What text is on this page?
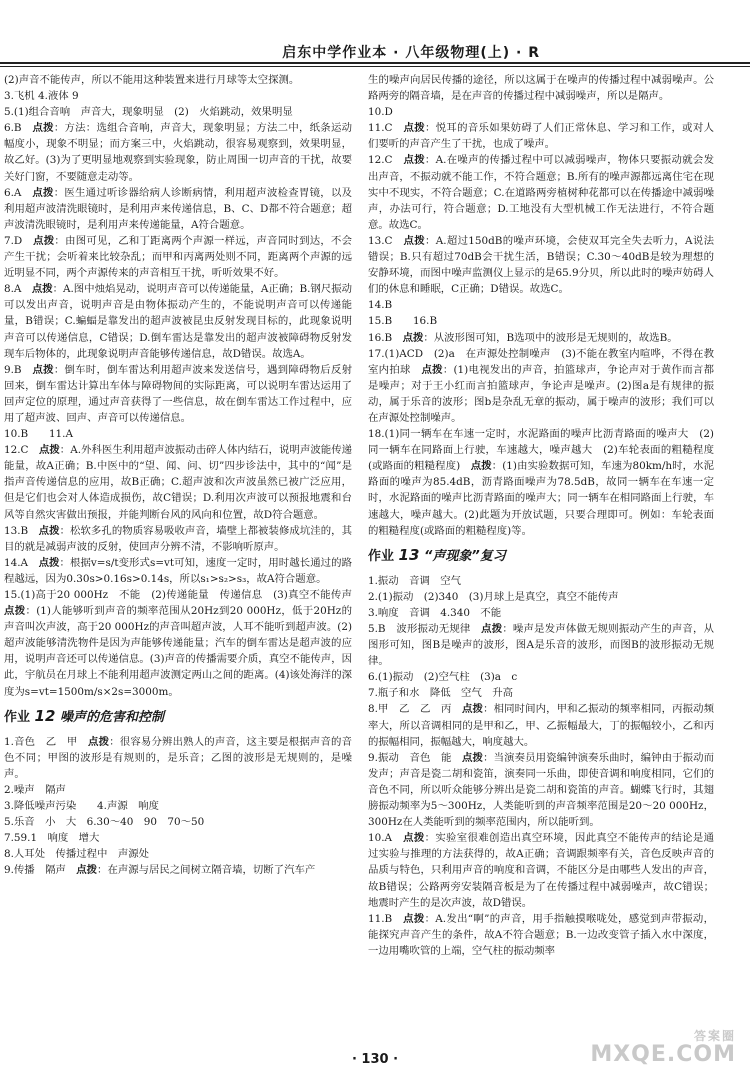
启东中学作业本 · 八年级物理(上) · R

(2)声音不能传声，所以不能用这种装置来进行月球等太空探测。

3.飞机 4.液体 9

5.(1)组合音响　声音大，现象明显　(2)　火焰跳动，效果明显

6.B　点拨：方法：选组合音响，声音大，现象明显；方法二中，纸条运动幅度小，现象不明显；而方案三中，火焰跳动，很容易观察到，效果明显，故乙好。(3)为了更明显地观察到实验现象，防止周围一切声音的干扰，故要关好门窗，不要随意走动等。

6.A　点拨：医生通过听诊器给病人诊断病情，利用超声波检查胃镜，以及利用超声波清洗眼镜时，是利用声来传递信息，B、C、D都不符合题意；超声波清洗眼镜时，是利用声来传递能量，A符合题意。

7.D　点拨：由图可见，乙和丁距离两个声源一样远，声音同时到达，不会产生干扰；会听着来比较杂乱；而甲和丙离两处则不同，距离两个声源的远近明显不同，两个声源传来的声音相互干扰，听听效果不好。

8.A　点拨：A.图中烛焰晃动，说明声音可以传递能量，A正确；B.钢尺振动可以发出声音，说明声音是由物体振动产生的，不能说明声音可以传递能量，B错误；C.蝙蝠是靠发出的超声波被昆虫反射发现目标的，此现象说明声音可以传递信息，C错误；D.倒车雷达是靠发出的超声波被障碍物反射发现车后物体的，此现象说明声音能够传递信息，故D错误。故选A。

9.B　点拨：倒车时，倒车雷达利用超声波来发送信号，遇到障碍物后反射回来，倒车雷达计算出车体与障碍物间的实际距离，可以说明车雷达运用了回声定位的原理，通过声音获得了一些信息，故在倒车雷达工作过程中，应用了超声波、回声、声音可以传递信息。

10.B　　11.A

12.C　点拨：A.外科医生利用超声波振动击碎人体内结石，说明声波能传递能量，故A正确；B.中医中的“望、闻、问、切”四步诊法中，其中的“闻”是指声音传递信息的应用，故B正确；C.超声波和次声波虽然已被广泛应用，但是它们也会对人体造成损伤，故C错误；D.利用次声波可以预报地震和台风等自然灾害做出预报，并能判断台风的风向和位置，故D符合题意。

13.B　点拨：松软多孔的物质容易吸收声音，墙壁上都被装修成坑洼的，其目的就是减弱声波的反射，使回声分辨不清，不影响听原声。

14.A　点拨：根据v=s/t变形式s=vt可知，速度一定时，用时越长通过的路程越远，因为0.30s>0.16s>0.14s，所以s₁>s₂>s₃，故A符合题意。

15.(1)高于20 000Hz　不能　(2)传递能量　传递信息　(3)真空不能传声　点拨：(1)人能够听到声音的频率范围从20Hz到20 000Hz，低于20Hz的声音叫次声波，高于20 000Hz的声音叫超声波，人耳不能听到超声波。(2)超声波能够清洗物件是因为声能够传递能量；汽车的倒车雷达是超声波的应用，说明声音还可以传递信息。(3)声音的传播需要介质，真空不能传声，因此，宇航员在月球上不能利用超声波测定两山之间的距离。(4)该处海洋的深度为s=vt=1500m/s×2s=3000m。

作业 12 噪声的危害和控制

1.音色　乙　甲　点拨：很容易分辨出熟人的声音，这主要是根据声音的音色不同；甲图的波形是有规则的，是乐音；乙图的波形是无规则的，是噪声。

2.噪声　隔声

3.降低噪声污染　　4.声源　响度

5.乐音　小　大　6.30～40　90　70～50

7.59.1　响度　增大

8.人耳处　传播过程中　声源处

9.传播　隔声　点拨：在声源与居民之间树立隔音墙，切断了汽车产

生的噪声向居民传播的途径，所以这属于在噪声的传播过程中减弱噪声。公路两旁的隔音墙，是在声音的传播过程中减弱噪声，所以是隔声。

10.D

11.C　点拨：悦耳的音乐如果妨碍了人们正常休息、学习和工作，或对人们要听的声音产生了干扰，也成了噪声。

12.C　点拨：A.在噪声的传播过程中可以减弱噪声，物体只要振动就会发出声音，不振动就不能工作，不符合题意；B.所有的噪声源都远离住宅在现实中不现实，不符合题意；C.在道路两旁植树种花都可以在传播途中减弱噪声，办法可行，符合题意；D.工地没有大型机械工作无法进行，不符合题意。故选C。

13.C　点拨：A.超过150dB的噪声环境，会使双耳完全失去听力，A说法错误；B.只有超过70dB会干扰生活，B错误；C.30～40dB是较为理想的安静环境，而图中噪声监测仪上显示的是65.9分贝，所以此时的噪声妨碍人们的休息和睡眠，C正确；D错误。故选C。

14.B

15.B　　16.B

16.B　点拨：从波形图可知，B选项中的波形是无规则的，故选B。

17.(1)ACD　(2)a　在声源处控制噪声　(3)不能在教室内喧哗，不得在教室内拍球　点拨：(1)电视发出的声音，拍篮球声，争论声对于黄作而言都是噪声；对于王小红而言拍篮球声，争论声是噪声。(2)图a是有规律的振动，属于乐音的波形；图b是杂乱无章的振动，属于噪声的波形；我们可以在声源处控制噪声。

18.(1)同一辆车在车速一定时，水泥路面的噪声比沥青路面的噪声大　(2)同一辆车在同路面上行驶，车速越大，噪声越大　(2)车轮表面的粗糙程度(或路面的粗糙程度)　点拨：(1)由实验数据可知，车速为80km/h时，水泥路面的噪声为85.4dB，沥青路面噪声为78.5dB，故同一辆车在车速一定时，水泥路面的噪声比沥青路面的噪声大；同一辆车在相同路面上行驶，车速越大，噪声越大。(2)此题为开放试题，只要合理即可。例如：车轮表面的粗糙程度(或路面的粗糙程度)等。

作业 13 “声现象”复习

1.振动　音调　空气

2.(1)振动　(2)340　(3)月球上是真空，真空不能传声

3.响度　音调　4.340　不能

5.B　波形振动无规律　点拨：噪声是发声体做无规则振动产生的声音，从图形可知，图B是噪声的波形，图A是乐音的波形，而图B的波形振动无规律。

6.(1)振动　(2)空气柱　(3)a　c

7.瓶子和水　降低　空气　升高

8.甲　乙　乙　丙　点拨：相同时间内，甲和乙振动的频率相同，丙振动频率大，所以音调相同的是甲和乙，甲、乙振幅最大，丁的振幅较小，乙和丙的振幅相同，振幅越大，响度越大。

9.振动　音色　能　点拨：当演奏员用瓷编钟演奏乐曲时，编钟由于振动而发声；声音是瓷二胡和瓷笛，演奏同一乐曲，即使音调和响度相同，它们的音色不同，所以听众能够分辨出是瓷二胡和瓷笛的声音。蝴蝶飞行时，其翅膀振动频率为5～300Hz，人类能听到的声音频率范围是20～20 000Hz，300Hz在人类能听到的频率范围内，所以能听到。

10.A　点拨：实验室很难创造出真空环境，因此真空不能传声的结论是通过实验与推理的方法获得的，故A正确；音调跟频率有关，音色反映声音的品质与特色，只利用声音的响度和音调，不能区分是由哪些人发出的声音，故B错误；公路两旁安装隔音板是为了在传播过程中减弱噪声，故C错误；地震时产生的是次声波，故D错误。

11.B　点拨：A.发出“啊”的声音，用手指触摸喉咙处，感觉到声带振动，能探究声音产生的条件，故A不符合题意；B.一边改变管子插入水中深度，一边用嘴吹管的上端，空气柱的振动频率

· 130 ·
答案圈
MXQE.COM
